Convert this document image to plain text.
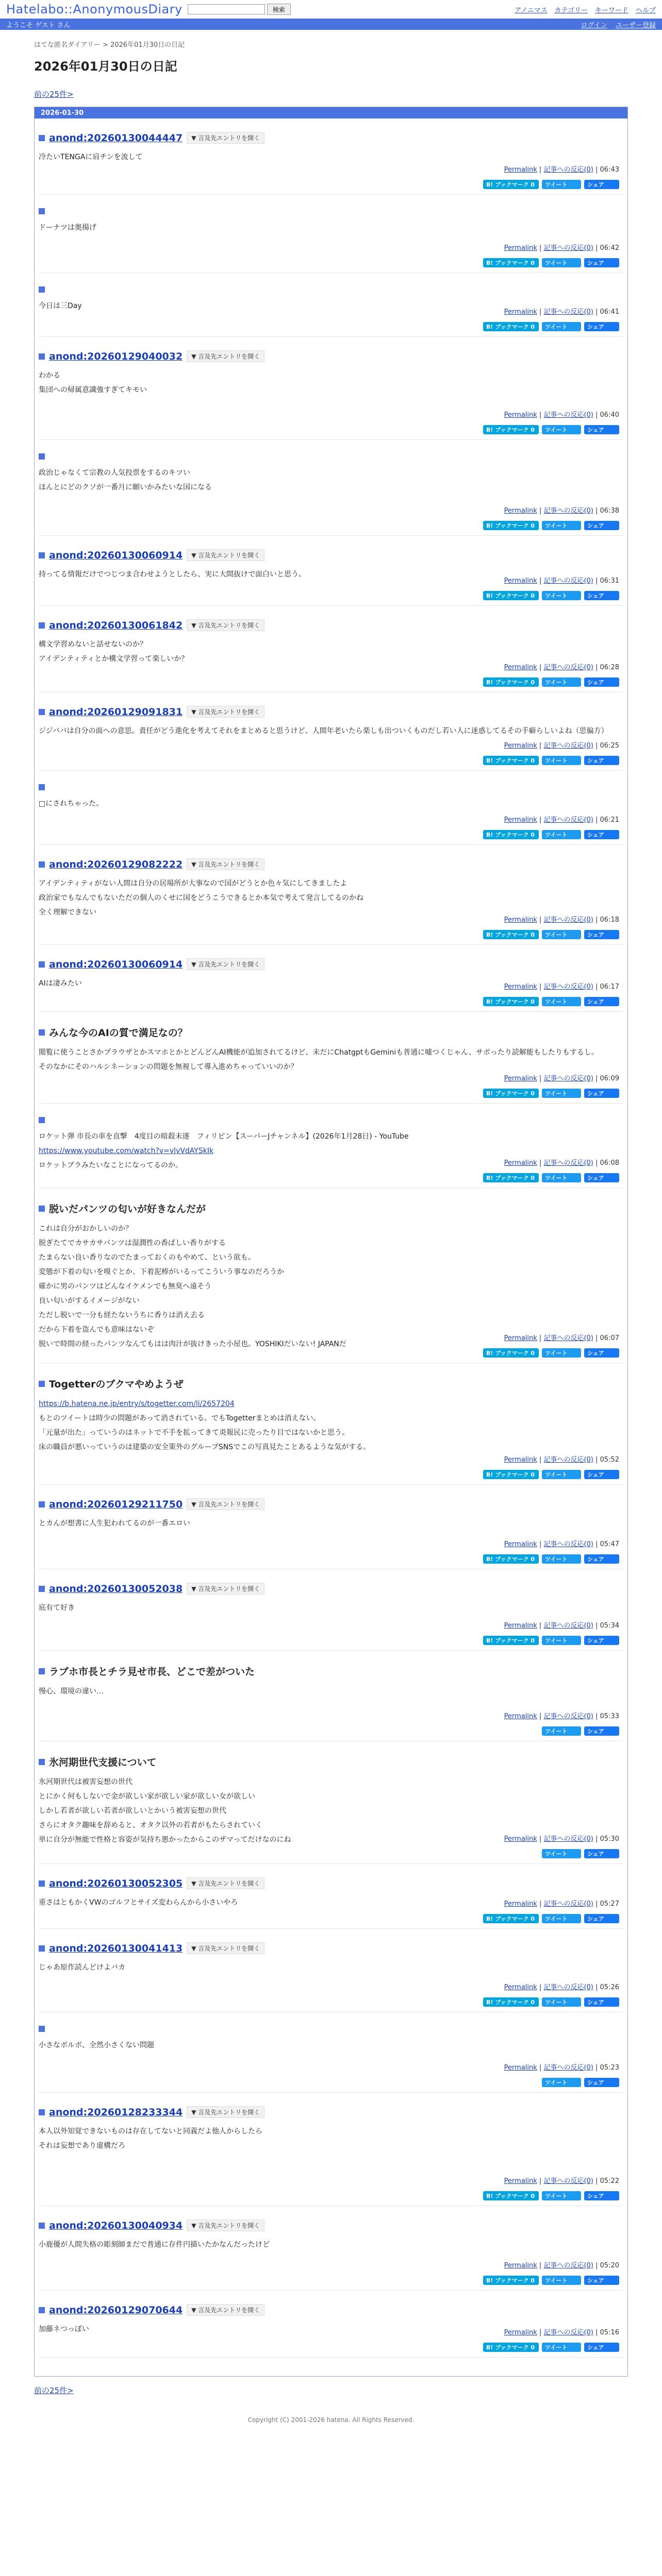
Hatelabo::AnonymousDiary	検索	アノニマス カテゴリー キーワード ヘルプ
ようこそ ゲスト さん	ログイン ユーザー登録
はてな匿名ダイアリー > 2026年01月30日の日記
2026年01月30日の日記
前の25件>
2026-01-30
anond:20260130044447	▼ 言及先エントリを開く
冷たいTENGAに肩チンを流して
Permalink | 記事への反応(0) | 06:43
B! ブックマーク 0	ツイート	シェア
ドーナツは奥揚げ
Permalink | 記事への反応(0) | 06:42
B! ブックマーク 0	ツイート	シェア
今日は三Day
Permalink | 記事への反応(0) | 06:41
B! ブックマーク 0	ツイート	シェア
anond:20260129040032	▼ 言及先エントリを開く
わかる
集団への帰属意識強すぎてキモい
Permalink | 記事への反応(0) | 06:40
B! ブックマーク 0	ツイート	シェア
政治じゃなくて宗教の人気投票をするのキツい
ほんとにどのクソが一番月に願いかみたいな国になる
Permalink | 記事への反応(0) | 06:38
B! ブックマーク 0	ツイート	シェア
anond:20260130060914	▼ 言及先エントリを開く
持ってる情報だけでつじつま合わせようとしたら、実に大間抜けで面白いと思う。
Permalink | 記事への反応(0) | 06:31
B! ブックマーク 0	ツイート	シェア
anond:20260130061842	▼ 言及先エントリを開く
構文学習めないと話せないのか？
アイデンティティとか構文学習って楽しいか？
Permalink | 記事への反応(0) | 06:28
B! ブックマーク 0	ツイート	シェア
anond:20260129091831	▼ 言及先エントリを開く
ジジババは自分の面への意思。責任がどう進化を考えてそれをまとめると思うけど、人間年老いたら楽しも出ついくものだし若い人に迷惑してるその手癖らしいよね（思偏方）
Permalink | 記事への反応(0) | 06:25
B! ブックマーク 0	ツイート	シェア
□にされちゃった。
Permalink | 記事への反応(0) | 06:21
B! ブックマーク 0	ツイート	シェア
anond:20260129082222	▼ 言及先エントリを開く
アイデンティティがない人間は自分の居場所が大事なので国がどうとか色々気にしてきましたよ
政治家でもなんでもないただの個人のくせに国をどうこうできるとか本気で考えて発言してるのかね
全く理解できない
Permalink | 記事への反応(0) | 06:18
B! ブックマーク 0	ツイート	シェア
anond:20260130060914	▼ 言及先エントリを開く
AIは凄みたい	Permalink | 記事への反応(0) | 06:17
B! ブックマーク 0	ツイート	シェア
みんな今のAIの質で満足なの？
閲覧に使うことさかプラウザとかスマホとかとどんどんAI機能が追加されてるけど、未だにChatgptもGeminiも普通に嘘つくじゃん、サボったり読解能もしたりもするし。
そのなかにそのハルシネーションの問題を無視して導入進めちゃっていいのか？
Permalink | 記事への反応(0) | 06:09
B! ブックマーク 0	ツイート	シェア
ロケット弾 市長の車を直撃　4度目の暗殺未遂　フィリピン【スーパーJチャンネル】(2026年1月28日) - YouTube
https://www.youtube.com/watch?v=vlvVdAYSkIk
ロケットブラみたいなことになってるのか。	Permalink | 記事への反応(0) | 06:08
B! ブックマーク 0	ツイート	シェア
脱いだパンツの匂いが好きなんだが
これは自分がおかしいのか？
脱ぎたてでカサカサパンツは湿潤性の香ばしい香りがする
たまらない良い香りなのでたまっておくのもやめて、という欲も。
変態が下着の匂いを嗅ぐとか、下着泥棒がいるってこういう事なのだろうか
確かに男のパンツはどんなイケメンでも無臭へ遠そう
良い匂いがするイメージがない
ただし脱いで一分も経たないうちに香りは消え去る
だから下着を盗んでも意味はないぞ
脱いで時間の経ったパンツなんてもはは肉汁が抜けきった小屋也。YOSHIKIだいない! JAPANだ
Permalink | 記事への反応(0) | 06:07
B! ブックマーク 0	ツイート	シェア
Togetterのブクマやめようぜ
https://b.hatena.ne.jp/entry/s/togetter.com/li/2657204
もとのツイートは時少の問題があって消されている。でもTogetterまとめは消えない。
「元量が出た」っていうのはネットで不手を拡ってきて炎報民に売ったり目ではないかと思う。
床の職員が悪いっていうのは建築の安全策外のグループSNSでこの写真見たことあるような気がする。
Permalink | 記事への反応(0) | 05:52
B! ブックマーク 0	ツイート	シェア
anond:20260129211750	▼ 言及先エントリを開く
とカんが想書に人生犯われてるのが一番エロい
Permalink | 記事への反応(0) | 05:47
B! ブックマーク 0	ツイート	シェア
anond:20260130052038	▼ 言及先エントリを開く
底有て好き
Permalink | 記事への反応(0) | 05:34
B! ブックマーク 0	ツイート	シェア
ラブホ市長とチラ見せ市長、どこで差がついた
慢心、環境の違い…
Permalink | 記事への反応(0) | 05:33
ツイート	シェア
氷河期世代支援について
氷河期世代は被害妄想の世代
とにかく何もしないで金が欲しい家が欲しい家が欲しい女が欲しい
しかし若者が欲しい若者が欲しいとかいう被害妄想の世代
さらにオタク趣味を辞めると、オタク以外の若者がもたらされていく
単に自分が無能で性格と容姿が気持ち悪かったからこのザマってだけなのにね	Permalink | 記事への反応(0) | 05:30
ツイート	シェア
anond:20260130052305	▼ 言及先エントリを開く
重さはともかくVWのゴルフとサイズ変わらんから小さいやろ	Permalink | 記事への反応(0) | 05:27
B! ブックマーク 0	ツイート	シェア
anond:20260130041413	▼ 言及先エントリを開く
じゃあ原作読んどけよバカ
Permalink | 記事への反応(0) | 05:26
B! ブックマーク 0	ツイート	シェア
小さなボルボ、全然小さくない問題
Permalink | 記事への反応(0) | 05:23
ツイート	シェア
anond:20260128233344	▼ 言及先エントリを開く
本人以外知覚できないものは存在してないと同義だよ他人からしたら
それは妄想であり虚構だろ
Permalink | 記事への反応(0) | 05:22
B! ブックマーク 0	ツイート	シェア
anond:20260130040934	▼ 言及先エントリを開く
小鹿優が人間失格の彫刻師まだで普通に存件円描いたかなんだったけど
Permalink | 記事への反応(0) | 05:20
B! ブックマーク 0	ツイート	シェア
anond:20260129070644	▼ 言及先エントリを開く
加藤ネつっぽい	Permalink | 記事への反応(0) | 05:16
B! ブックマーク 0	ツイート	シェア
前の25件>
Copyright (C) 2001-2026 hatena. All Rights Reserved.
